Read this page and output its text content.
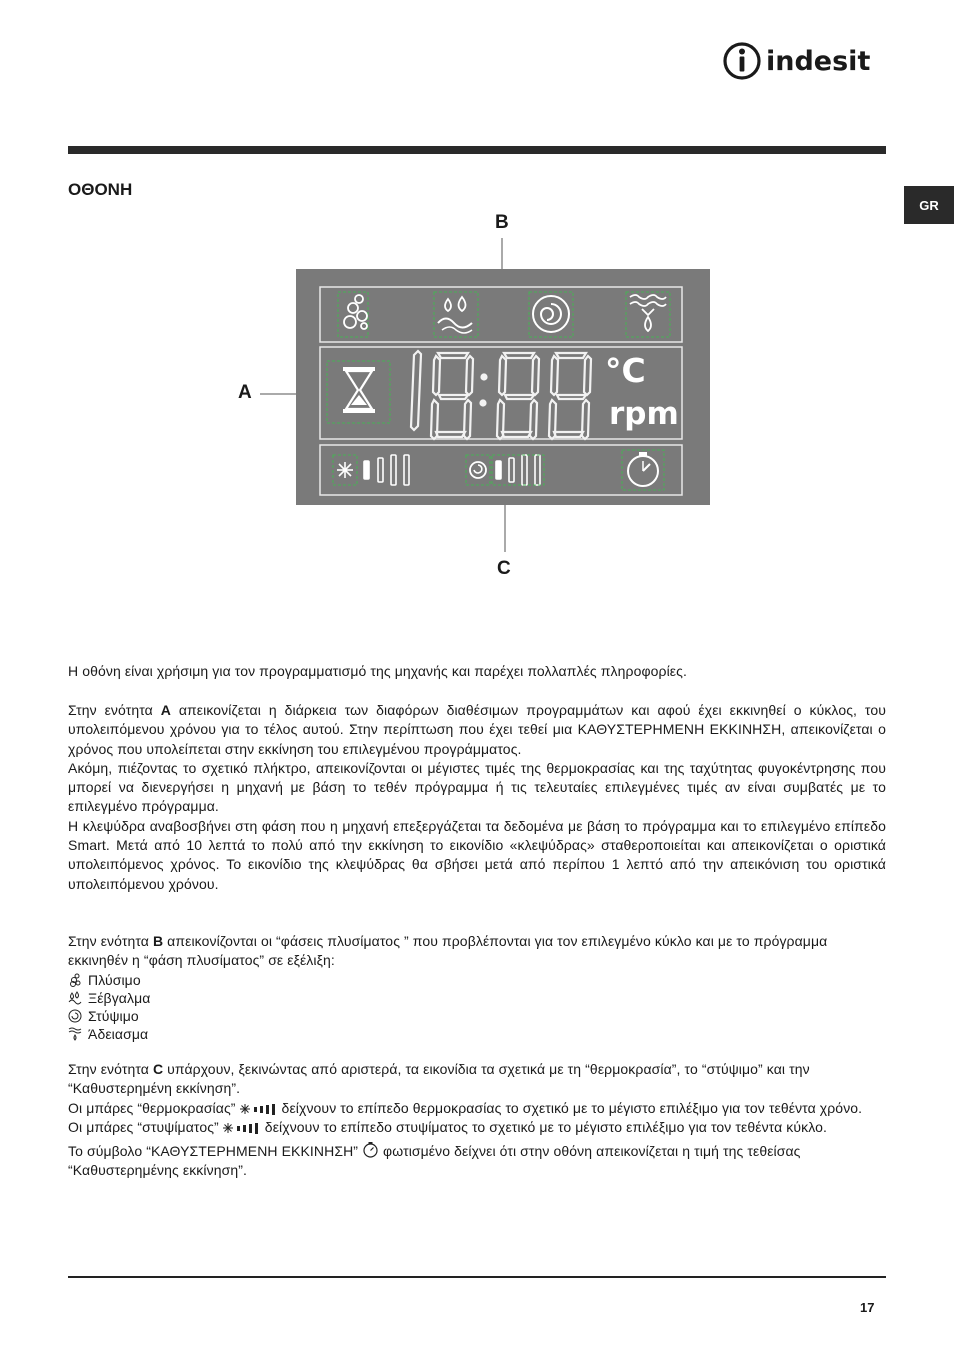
indesit
GR
ΟΘΟΝΗ
B
A
C
°C
rpm

Η οθόνη είναι χρήσιμη για τον προγραμματισμό της μηχανής και παρέχει πολλαπλές πληροφορίες.

Στην ενότητα A απεικονίζεται η διάρκεια των διαφόρων διαθέσιμων προγραμμάτων και αφού έχει εκκινηθεί ο κύκλος, του υπολειπόμενου χρόνου για το τέλος αυτού. Στην περίπτωση που έχει τεθεί μια ΚΑΘΥΣΤΕΡΗΜΕΝΗ ΕΚΚΙΝΗΣΗ, απεικονίζεται ο χρόνος που υπολείπεται στην εκκίνηση του επιλεγμένου προγράμματος.

Ακόμη, πιέζοντας το σχετικό πλήκτρο, απεικονίζονται οι μέγιστες τιμές της θερμοκρασίας και της ταχύτητας φυγοκέντρησης που μπορεί να διενεργήσει η μηχανή με βάση το τεθέν πρόγραμμα ή τις τελευταίες επιλεγμένες τιμές αν είναι συμβατές με το επιλεγμένο πρόγραμμα.

Η κλεψύδρα αναβοσβήνει στη φάση που η μηχανή επεξεργάζεται τα δεδομένα με βάση το πρόγραμμα και το επιλεγμένο επίπεδο Smart. Μετά από 10 λεπτά το πολύ από την εκκίνηση το εικονίδιο «κλεψύδρας» σταθεροποιείται και απεικονίζεται ο οριστικά υπολειπόμενος χρόνος. Το εικονίδιο της κλεψύδρας θα σβήσει μετά από περίπου 1 λεπτό από την απεικόνιση του οριστικά υπολειπόμενου χρόνου.

Στην ενότητα B απεικονίζονται οι “φάσεις πλυσίματος ” που προβλέπονται για τον επιλεγμένο κύκλο και με το πρόγραμμα εκκινηθέν η “φάση πλυσίματος” σε εξέλιξη:

Πλύσιμο
Ξέβγαλμα
Στύψιμο
Άδειασμα

Στην ενότητα C υπάρχουν, ξεκινώντας από αριστερά, τα εικονίδια τα σχετικά με τη “θερμοκρασία”, το “στύψιμο” και την “Καθυστερημένη εκκίνηση”.

Οι μπάρες “θερμοκρασίας”	δείχνουν το επίπεδο θερμοκρασίας το σχετικό με το μέγιστο επιλέξιμο για τον τεθέντα χρόνο.

Οι μπάρες “στυψίματος”	δείχνουν το επίπεδο στυψίματος το σχετικό με το μέγιστο επιλέξιμο για τον τεθέντα κύκλο.

Το σύμβολο “ΚΑΘΥΣΤΕΡΗΜΕΝΗ ΕΚΚΙΝΗΣΗ”  φωτισμένο δείχνει ότι στην οθόνη απεικονίζεται η τιμή της τεθείσας “Καθυστερημένης εκκίνηση”.

17
